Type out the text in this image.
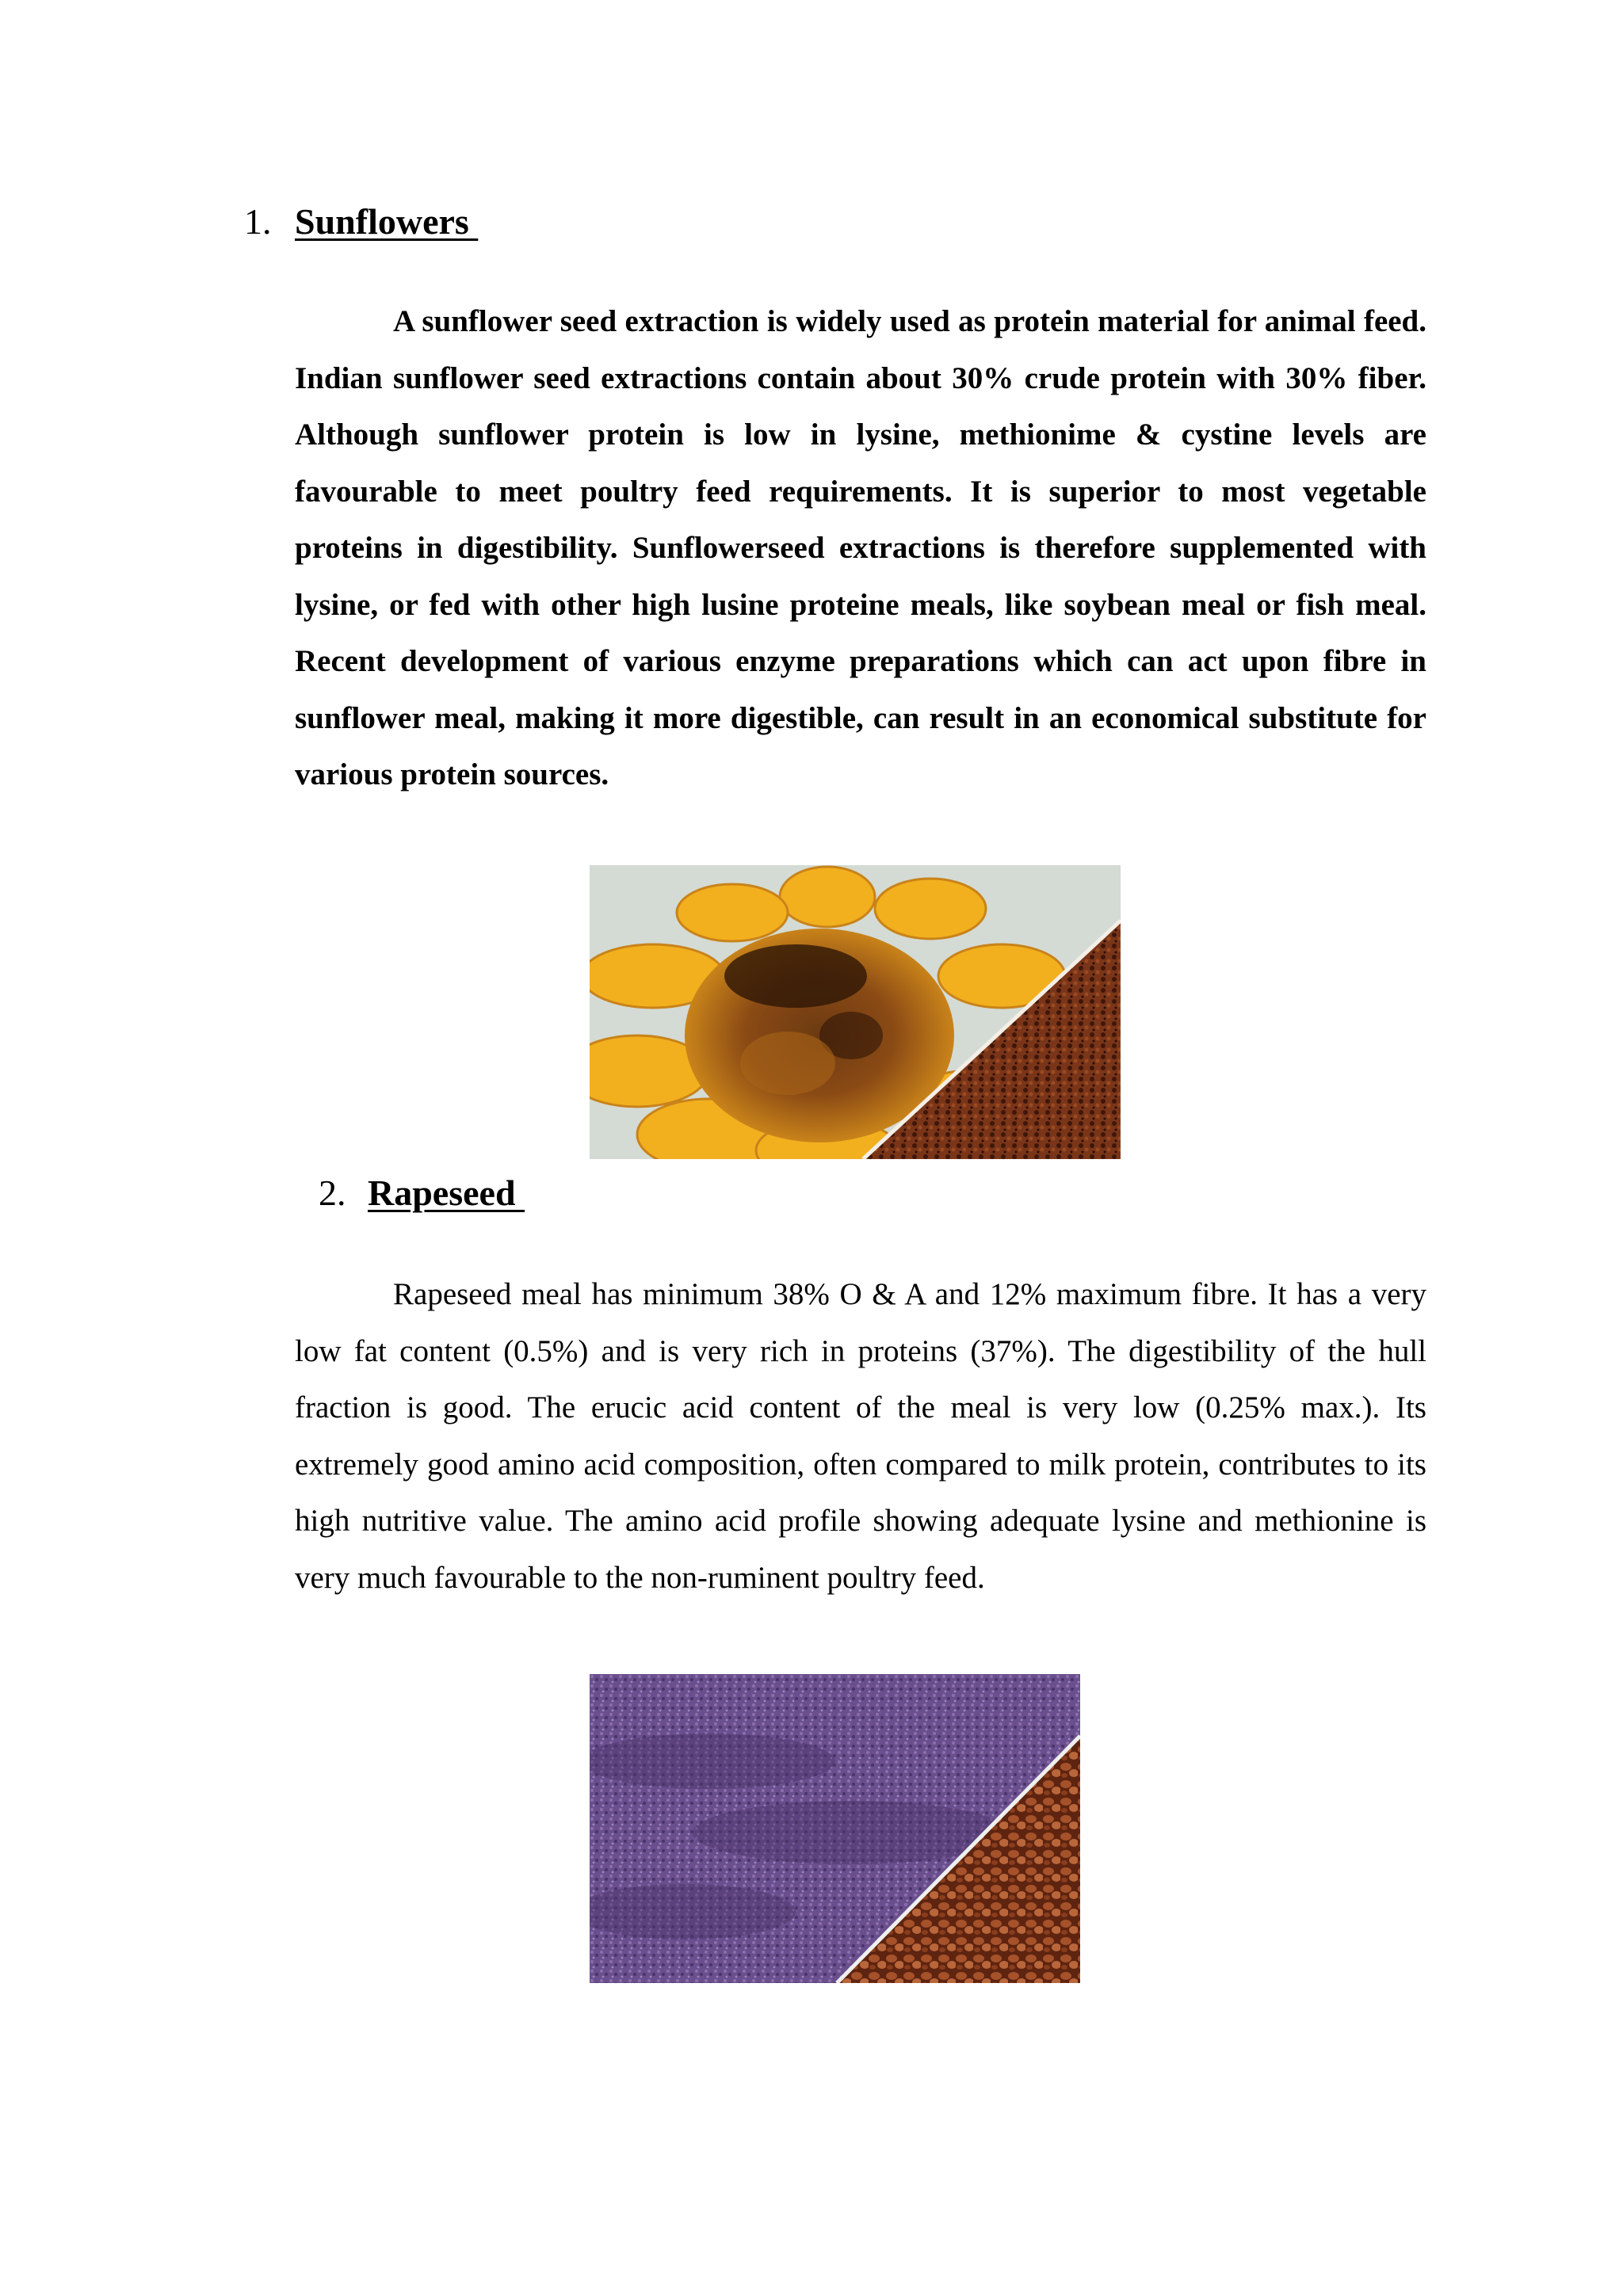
1. Sunflowers

A sunflower seed extraction is widely used as protein material for animal feed. Indian sunflower seed extractions contain about 30% crude protein with 30% fiber. Although sunflower protein is low in lysine, methionime & cystine levels are favourable to meet poultry feed requirements. It is superior to most vegetable proteins in digestibility. Sunflowerseed extractions is therefore supplemented with lysine, or fed with other high lusine proteine meals, like soybean meal or fish meal. Recent development of various enzyme preparations which can act upon fibre in sunflower meal, making it more digestible, can result in an economical substitute for various protein sources.

2. Rapeseed

Rapeseed meal has minimum 38% O & A and 12% maximum fibre. It has a very low fat content (0.5%) and is very rich in proteins (37%). The digestibility of the hull fraction is good. The erucic acid content of the meal is very low (0.25% max.). Its extremely good amino acid composition, often compared to milk protein, contributes to its high nutritive value. The amino acid profile showing adequate lysine and methionine is very much favourable to the non-ruminent poultry feed.
